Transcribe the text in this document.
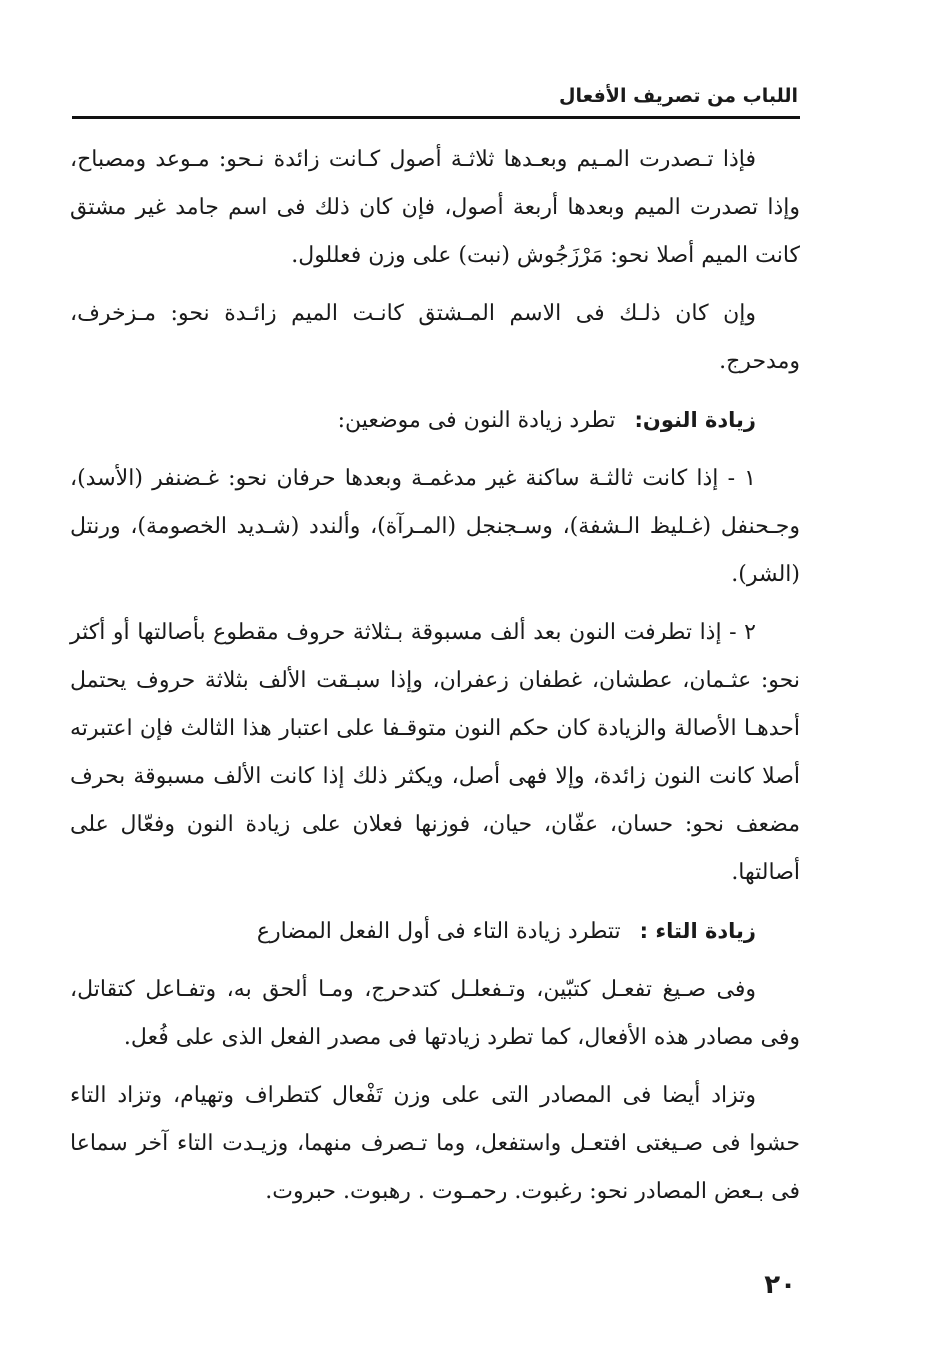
اللباب من تصريف الأفعال

فإذا تـصدرت المـيم وبعـدها ثلاثـة أصول كـانت زائدة نـحو: مـوعد ومصباح، وإذا تصدرت الميم وبعدها أربعة أصول، فإن كان ذلك فى اسم جامد غير مشتق كانت الميم أصلا نحو: مَرْزَجُوش (نبت) على وزن فعللول.

وإن كان ذلـك فى الاسم المـشتق كانـت الميم زائـدة نحو: مـزخرف، ومدحرج.

زيادة النون: تطرد زيادة النون فى موضعين:

١ - إذا كانت ثالثـة ساكنة غير مدغمـة وبعدها حرفان نحو: غـضنفر (الأسد)، وجـحنفل (غـليظ الـشفة)، وسـجنجل (المـرآة)، وألندد (شـديد الخصومة)، ورنتل (الشر).

٢ - إذا تطرفت النون بعد ألف مسبوقة بـثلاثة حروف مقطوع بأصالتها أو أكثر نحو: عثـمان، عطشان، غطفان زعفران، وإذا سبـقت الألف بثلاثة حروف يحتمل أحدهـا الأصالة والزيادة كان حكم النون متوقـفا على اعتبار هذا الثالث فإن اعتبرته أصلا كانت النون زائدة، وإلا فهى أصل، ويكثر ذلك إذا كانت الألف مسبوقة بحرف مضعف نحو: حسان، عفّان، حيان، فوزنها فعلان على زيادة النون وفعّال على أصالتها.

زيادة التاء : تتطرد زيادة التاء فى أول الفعل المضارع

وفى صـيغ تفعـل كتبّين، وتـفعلـل كتدحرج، ومـا ألحق به، وتفـاعل كتقاتل، وفى مصادر هذه الأفعال، كما تطرد زيادتها فى مصدر الفعل الذى على فُعل.

وتزاد أيضا فى المصادر التى على وزن تَفْعال كتطراف وتهيام، وتزاد التاء حشوا فى صـيغتى افتعـل واستفعل، وما تـصرف منهما، وزيـدت التاء آخر سماعا فى بـعض المصادر نحو: رغبوت. رحمـوت . رهبوت. حبروت.

٢٠
